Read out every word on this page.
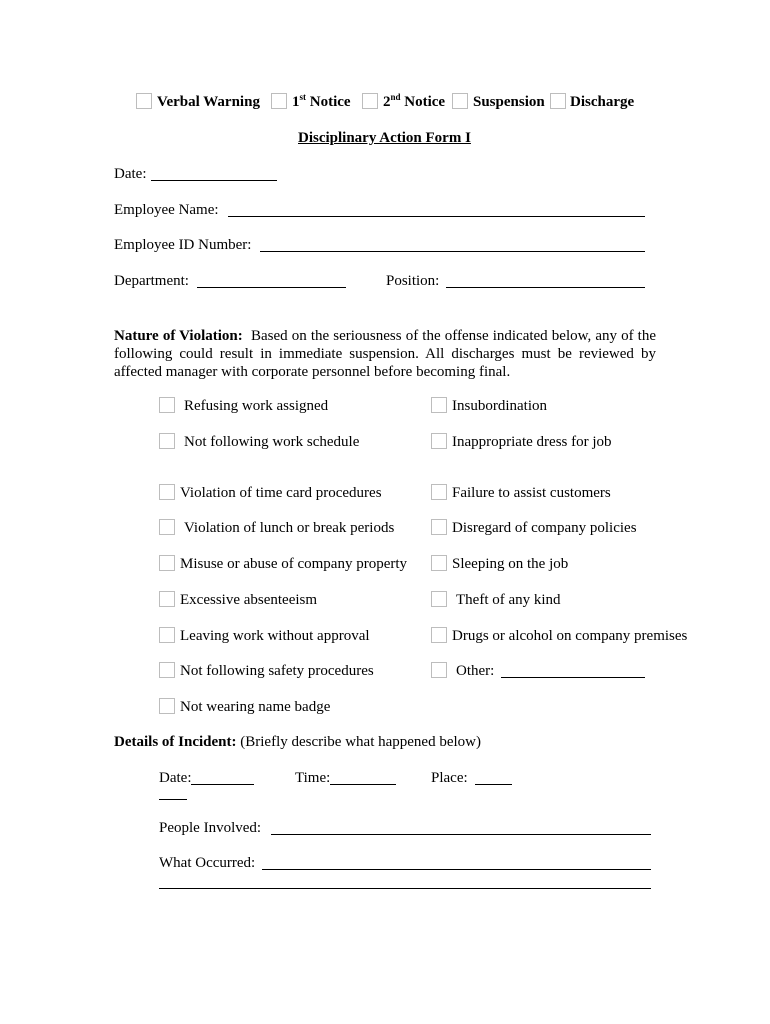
Verbal Warning 1st Notice 2nd Notice Suspension Discharge
Disciplinary Action Form I
Date:
Employee Name:
Employee ID Number:
Department:	Position:
Nature of Violation: Based on the seriousness of the offense indicated below, any of the following could result in immediate suspension. All discharges must be reviewed by affected manager with corporate personnel before becoming final.
Refusing work assigned
Not following work schedule
Violation of time card procedures
Violation of lunch or break periods
Misuse or abuse of company property
Excessive absenteeism
Leaving work without approval
Not following safety procedures
Not wearing name badge
Insubordination
Inappropriate dress for job
Failure to assist customers
Disregard of company policies
Sleeping on the job
Theft of any kind
Drugs or alcohol on company premises
Other:
Details of Incident: (Briefly describe what happened below)
Date:	Time:	Place:
People Involved:
What Occurred:
